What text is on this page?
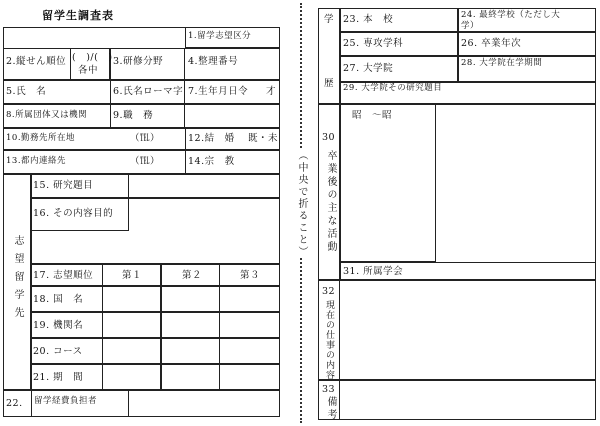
留学生調査表
1.留学志望区分
2.縦せん順位 (　)/(　)
各中
3.研修分野	4.整理番号
5.氏　名	6.氏名ローマ字 7.生年月日令 才
8.所属団体又は機関	9.職　務
10.勤務先所在地	（℡）	12.結　婚 既・未
13.都内連絡先	（℡）	14.宗　教
志望留学先
15. 研究題目
16. その内容目的
17. 志望順位	第１	第２	第３
18. 国　名
19. 機関名
20. コース
21. 期　間
22. 留学経費負担者
（中央で折ること）
学
歴
23. 本　校	24. 最終学校（ただし大学）
25. 専攻学科	26. 卒業年次
27. 大学院	28. 大学院在学期間
29. 大学院その研究題目
30
卒業後の主な活動
昭　〜昭
31. 所属学会
32
現在の仕事の内容
33
備考
